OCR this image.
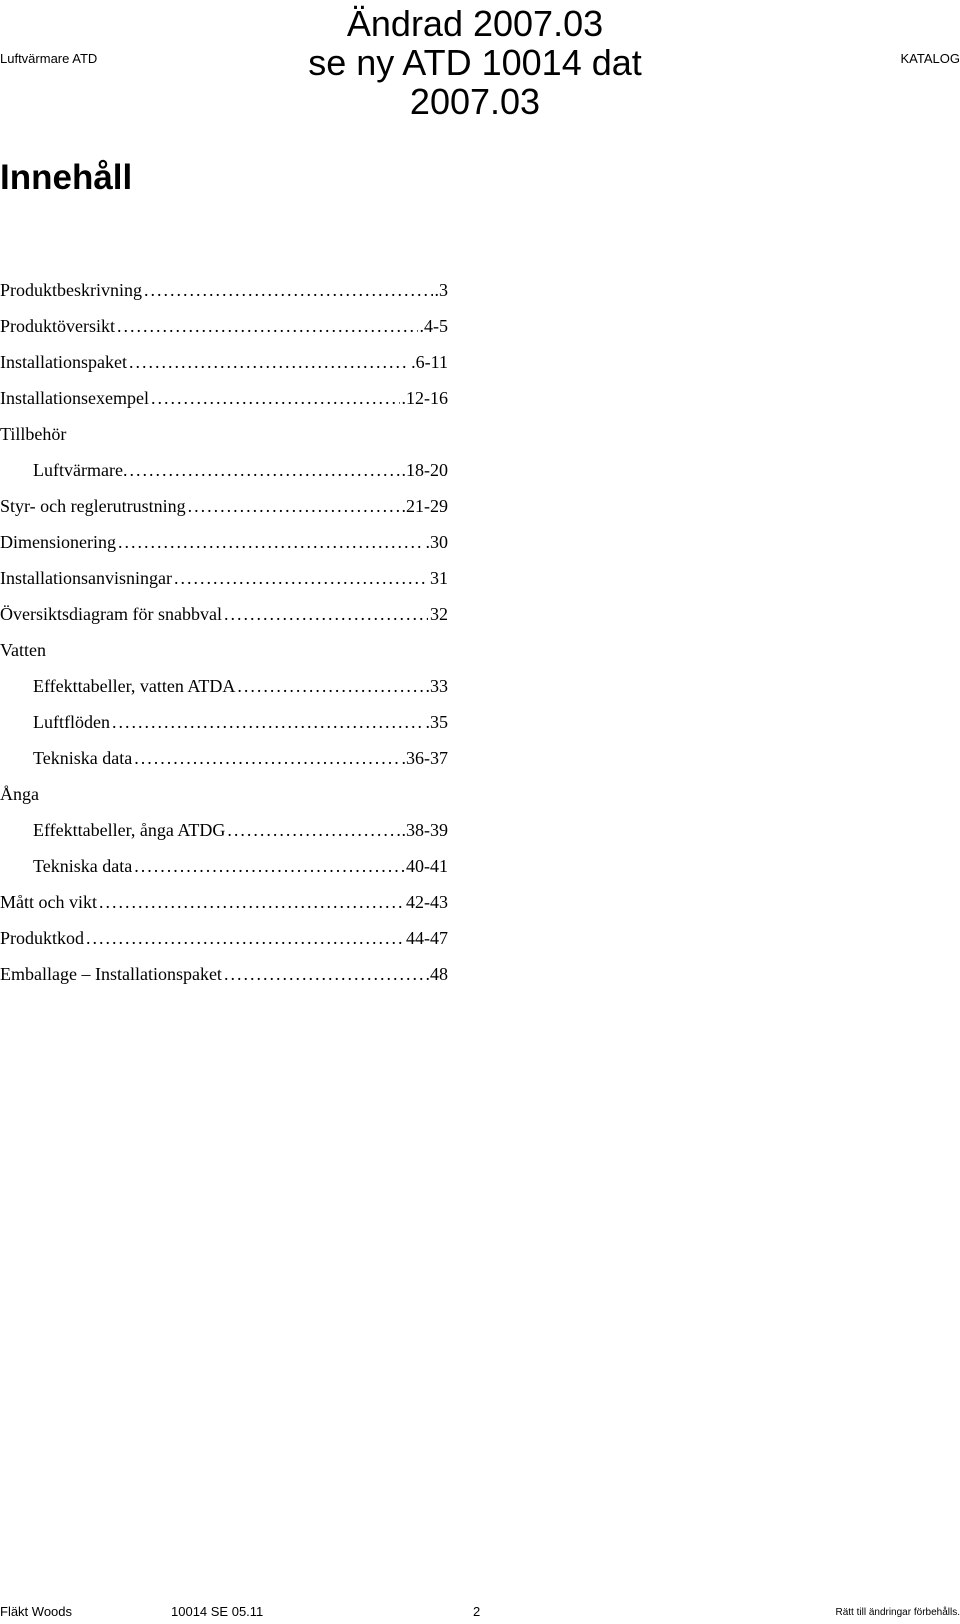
Luftvärmare ATD
Ändrad 2007.03
se ny ATD 10014 dat 2007.03
KATALOG
Innehåll
Produktbeskrivning .....	.3
Produktöversikt .....	.4-5
Installationspaket .....	.6-11
Installationsexempel .....	.12-16
Tillbehör
Luftvärmare. .....	.18-20
Styr- och reglerutrustning .....	.21-29
Dimensionering .....	.30
Installationsanvisningar .....	31
Översiktsdiagram för snabbval .....	32
Vatten
Effekttabeller, vatten ATDA .....	.33
Luftflöden .....	.35
Tekniska data .....	.36-37
Ånga
Effekttabeller, ånga ATDG .....	.38-39
Tekniska data .....	40-41
Mått och vikt .....	42-43
Produktkod .....	44-47
Emballage – Installationspaket .....	.48
Fläkt Woods	10014 SE 05.11	2	Rätt till ändringar förbehålls.
